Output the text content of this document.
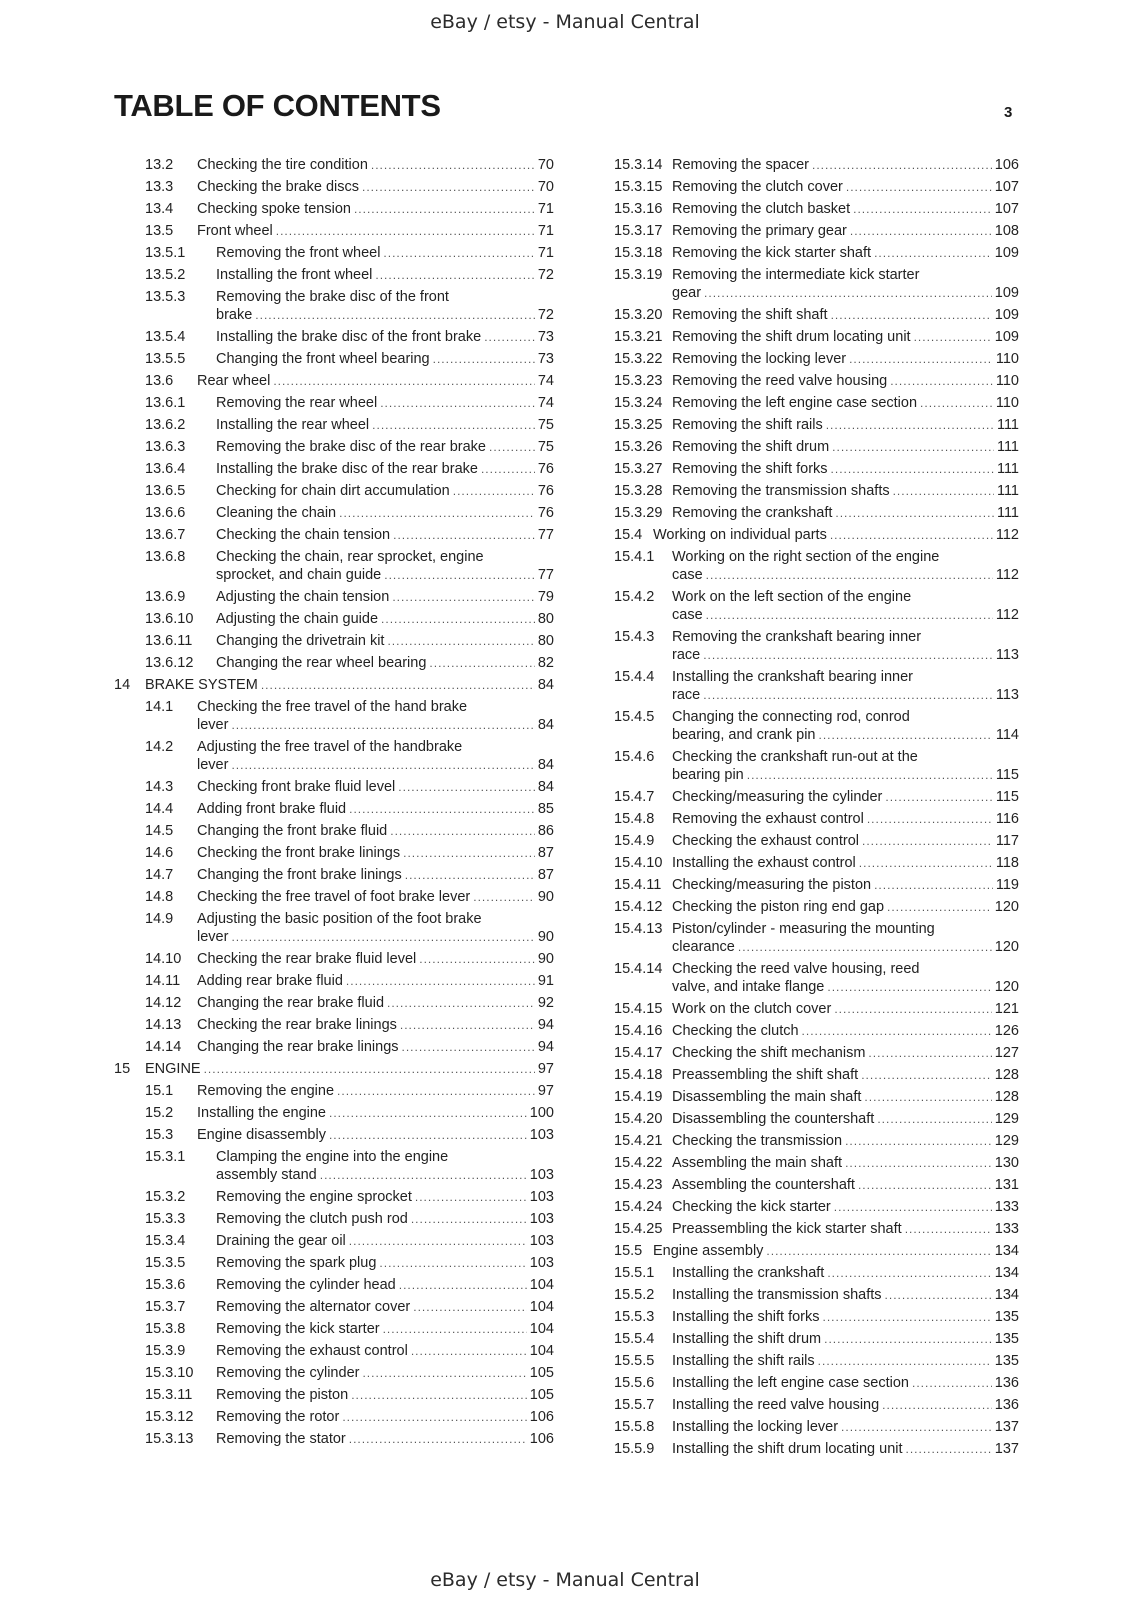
eBay / etsy - Manual Central
TABLE OF CONTENTS	3
13.2 Checking the tire condition .....	70
13.3 Checking the brake discs .....	70
13.4 Checking spoke tension .....	71
13.5 Front wheel .....	71
13.5.1 Removing the front wheel .....	71
13.5.2 Installing the front wheel .....	72
13.5.3 Removing the brake disc of the front
brake .....	72
13.5.4 Installing the brake disc of the front brake .....	73
13.5.5 Changing the front wheel bearing .....	73
13.6 Rear wheel .....	74
13.6.1 Removing the rear wheel .....	74
13.6.2 Installing the rear wheel .....	75
13.6.3 Removing the brake disc of the rear brake .....	75
13.6.4 Installing the brake disc of the rear brake .....	76
13.6.5 Checking for chain dirt accumulation .....	76
13.6.6 Cleaning the chain .....	76
13.6.7 Checking the chain tension .....	77
13.6.8 Checking the chain, rear sprocket, engine
sprocket, and chain guide .....	77
13.6.9 Adjusting the chain tension .....	79
13.6.10 Adjusting the chain guide .....	80
13.6.11 Changing the drivetrain kit .....	80
13.6.12 Changing the rear wheel bearing .....	82
14 BRAKE SYSTEM .....	84
14.1 Checking the free travel of the hand brake
lever .....	84
14.2 Adjusting the free travel of the handbrake
lever .....	84
14.3 Checking front brake fluid level .....	84
14.4 Adding front brake fluid .....	85
14.5 Changing the front brake fluid .....	86
14.6 Checking the front brake linings .....	87
14.7 Changing the front brake linings .....	87
14.8 Checking the free travel of foot brake lever .....	90
14.9 Adjusting the basic position of the foot brake
lever .....	90
14.10 Checking the rear brake fluid level .....	90
14.11 Adding rear brake fluid .....	91
14.12 Changing the rear brake fluid .....	92
14.13 Checking the rear brake linings .....	94
14.14 Changing the rear brake linings .....	94
15 ENGINE .....	97
15.1 Removing the engine .....	97
15.2 Installing the engine .....	100
15.3 Engine disassembly .....	103
15.3.1 Clamping the engine into the engine
assembly stand .....	103
15.3.2 Removing the engine sprocket .....	103
15.3.3 Removing the clutch push rod .....	103
15.3.4 Draining the gear oil .....	103
15.3.5 Removing the spark plug .....	103
15.3.6 Removing the cylinder head .....	104
15.3.7 Removing the alternator cover .....	104
15.3.8 Removing the kick starter .....	104
15.3.9 Removing the exhaust control .....	104
15.3.10 Removing the cylinder .....	105
15.3.11 Removing the piston .....	105
15.3.12 Removing the rotor .....	106
15.3.13 Removing the stator .....	106
15.3.14 Removing the spacer .....	106
15.3.15 Removing the clutch cover .....	107
15.3.16 Removing the clutch basket .....	107
15.3.17 Removing the primary gear .....	108
15.3.18 Removing the kick starter shaft .....	109
15.3.19 Removing the intermediate kick starter
gear .....	109
15.3.20 Removing the shift shaft .....	109
15.3.21 Removing the shift drum locating unit .....	109
15.3.22 Removing the locking lever .....	110
15.3.23 Removing the reed valve housing .....	110
15.3.24 Removing the left engine case section .....	110
15.3.25 Removing the shift rails .....	111
15.3.26 Removing the shift drum .....	111
15.3.27 Removing the shift forks .....	111
15.3.28 Removing the transmission shafts .....	111
15.3.29 Removing the crankshaft .....	111
15.4 Working on individual parts .....	112
15.4.1 Working on the right section of the engine
case .....	112
15.4.2 Work on the left section of the engine
case .....	112
15.4.3 Removing the crankshaft bearing inner
race .....	113
15.4.4 Installing the crankshaft bearing inner
race .....	113
15.4.5 Changing the connecting rod, conrod
bearing, and crank pin .....	114
15.4.6 Checking the crankshaft run-out at the
bearing pin .....	115
15.4.7 Checking/measuring the cylinder .....	115
15.4.8 Removing the exhaust control .....	116
15.4.9 Checking the exhaust control .....	117
15.4.10 Installing the exhaust control .....	118
15.4.11 Checking/measuring the piston .....	119
15.4.12 Checking the piston ring end gap .....	120
15.4.13 Piston/cylinder - measuring the mounting
clearance .....	120
15.4.14 Checking the reed valve housing, reed
valve, and intake flange .....	120
15.4.15 Work on the clutch cover .....	121
15.4.16 Checking the clutch .....	126
15.4.17 Checking the shift mechanism .....	127
15.4.18 Preassembling the shift shaft .....	128
15.4.19 Disassembling the main shaft .....	128
15.4.20 Disassembling the countershaft .....	129
15.4.21 Checking the transmission .....	129
15.4.22 Assembling the main shaft .....	130
15.4.23 Assembling the countershaft .....	131
15.4.24 Checking the kick starter .....	133
15.4.25 Preassembling the kick starter shaft .....	133
15.5 Engine assembly .....	134
15.5.1 Installing the crankshaft .....	134
15.5.2 Installing the transmission shafts .....	134
15.5.3 Installing the shift forks .....	135
15.5.4 Installing the shift drum .....	135
15.5.5 Installing the shift rails .....	135
15.5.6 Installing the left engine case section .....	136
15.5.7 Installing the reed valve housing .....	136
15.5.8 Installing the locking lever .....	137
15.5.9 Installing the shift drum locating unit .....	137
eBay / etsy - Manual Central
